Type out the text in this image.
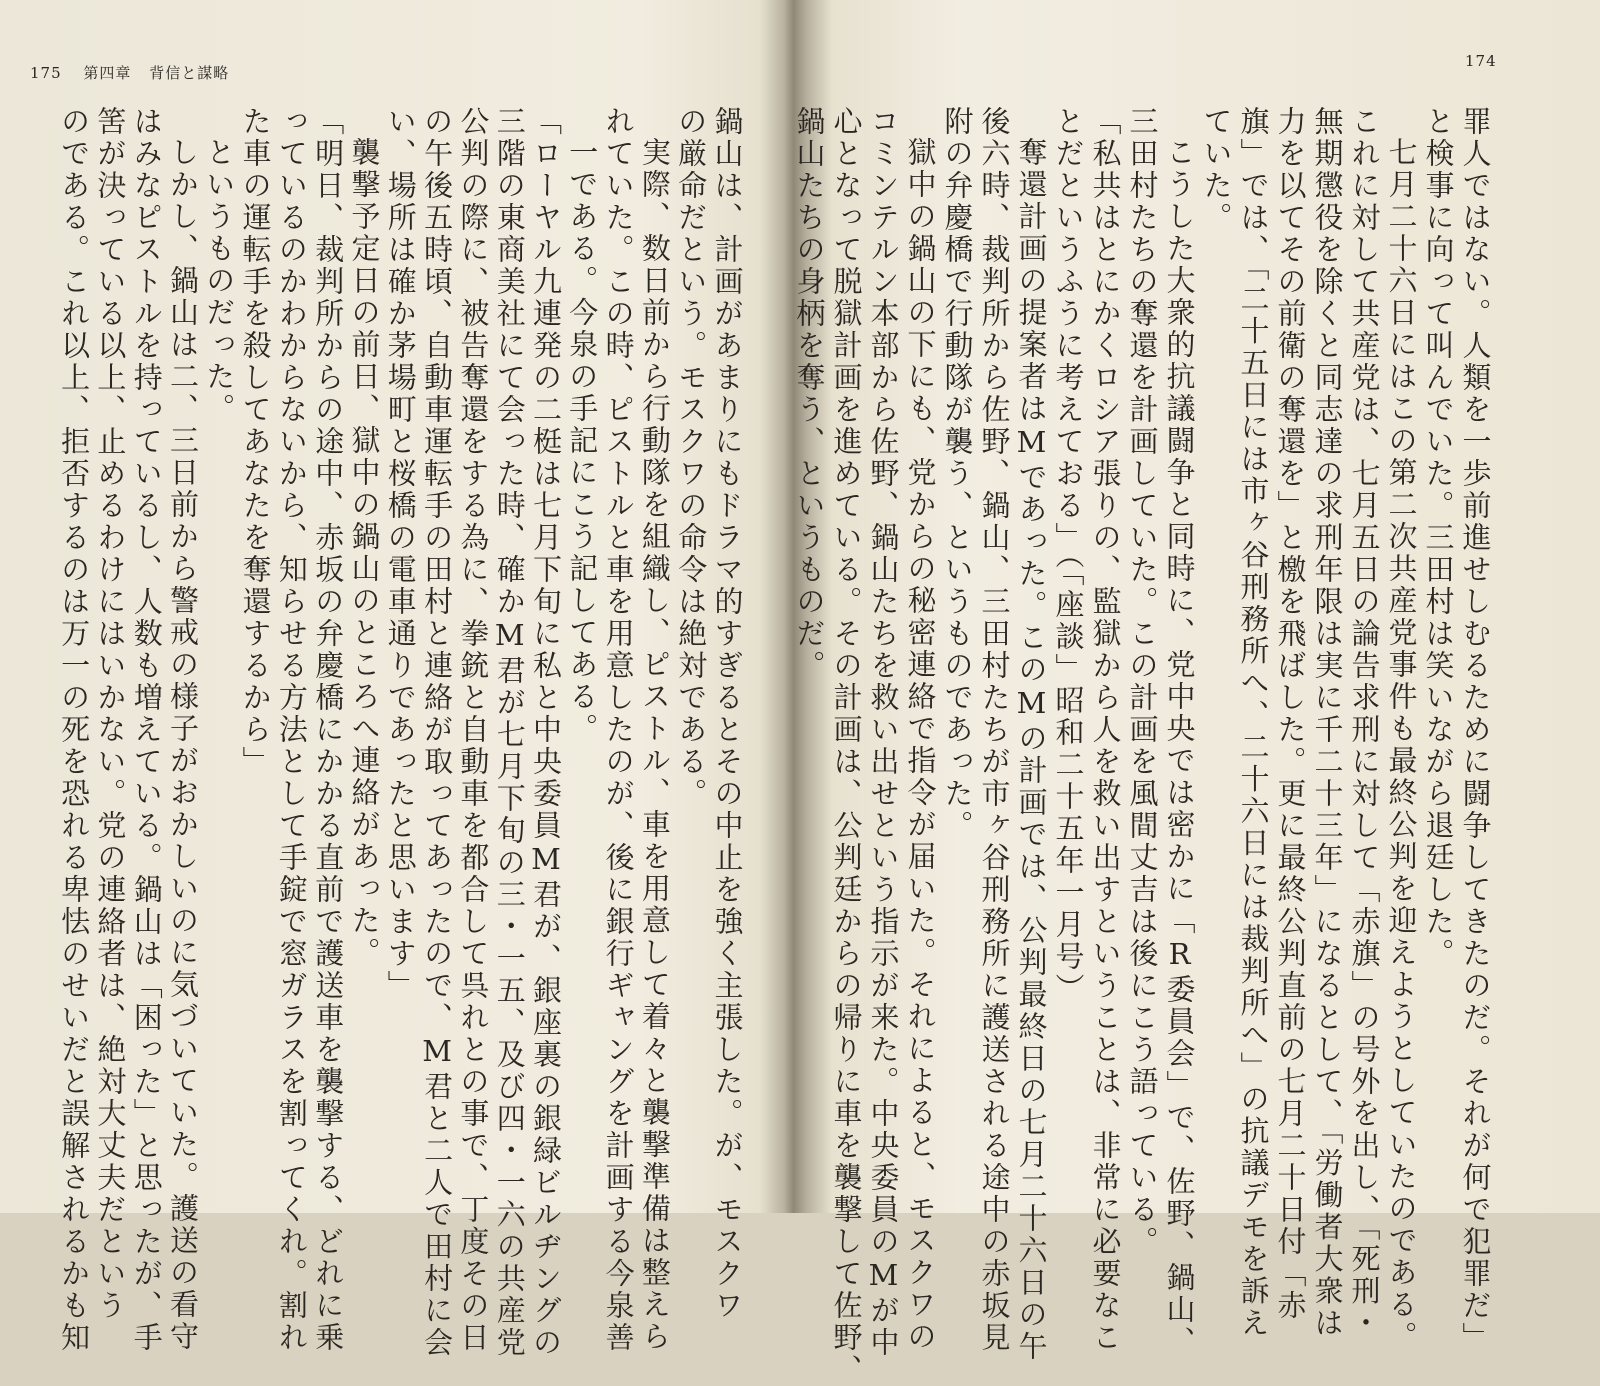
175 第四章 背信と謀略
鍋山は、計画があまりにもドラマ的すぎるとその中止を強く主張した。が、モスクワ
の厳命だという。モスクワの命令は絶対である。
実際、数日前から行動隊を組織し、ピストル、車を用意して着々と襲撃準備は整えら
れていた。この時、ピストルと車を用意したのが、後に銀行ギャングを計画する今泉善
一である。今泉の手記にこう記してある。
「ローヤル九連発の二梃は七月下旬に私と中央委員M君が、銀座裏の銀緑ビルヂングの
三階の東商美社にて会った時、確かM君が七月下旬の三・一五、及び四・一六の共産党
公判の際に、被告奪還をする為に、拳銃と自動車を都合して呉れとの事で、丁度その日
の午後五時頃、自動車運転手の田村と連絡が取ってあったので、M君と二人で田村に会
い、場所は確か茅場町と桜橋の電車通りであったと思います」
襲撃予定日の前日、獄中の鍋山のところへ連絡があった。
「明日、裁判所からの途中、赤坂の弁慶橋にかかる直前で護送車を襲撃する、どれに乗
っているのかわからないから、知らせる方法として手錠で窓ガラスを割ってくれ。割れ
た車の運転手を殺してあなたを奪還するから」
というものだった。
しかし、鍋山は二、三日前から警戒の様子がおかしいのに気づいていた。護送の看守
はみなピストルを持っているし、人数も増えている。鍋山は「困った」と思ったが、手
筈が決っている以上、止めるわけにはいかない。党の連絡者は、絶対大丈夫だという
のである。これ以上、拒否するのは万一の死を恐れる卑怯のせいだと誤解されるかも知
174
罪人ではない。人類を一歩前進せしむるために闘争してきたのだ。それが何で犯罪だ」
と検事に向って叫んでいた。三田村は笑いながら退廷した。
七月二十六日にはこの第二次共産党事件も最終公判を迎えようとしていたのである。
これに対して共産党は、七月五日の論告求刑に対して「赤旗」の号外を出し、「死刑・
無期懲役を除くと同志達の求刑年限は実に千二十三年」になるとして、「労働者大衆は
力を以てその前衛の奪還を」と檄を飛ばした。更に最終公判直前の七月二十日付「赤
旗」では、「二十五日には市ヶ谷刑務所へ、二十六日には裁判所へ」の抗議デモを訴え
ていた。
こうした大衆的抗議闘争と同時に、党中央では密かに「R委員会」で、佐野、鍋山、
三田村たちの奪還を計画していた。この計画を風間丈吉は後にこう語っている。
「私共はとにかくロシア張りの、監獄から人を救い出すということは、非常に必要なこ
とだというふうに考えておる」（「座談」昭和二十五年一月号）
奪還計画の提案者はMであった。このMの計画では、公判最終日の七月二十六日の午
後六時、裁判所から佐野、鍋山、三田村たちが市ヶ谷刑務所に護送される途中の赤坂見
附の弁慶橋で行動隊が襲う、というものであった。
獄中の鍋山の下にも、党からの秘密連絡で指令が届いた。それによると、モスクワの
コミンテルン本部から佐野、鍋山たちを救い出せという指示が来た。中央委員のMが中
心となって脱獄計画を進めている。その計画は、公判廷からの帰りに車を襲撃して佐野、
鍋山たちの身柄を奪う、というものだ。
